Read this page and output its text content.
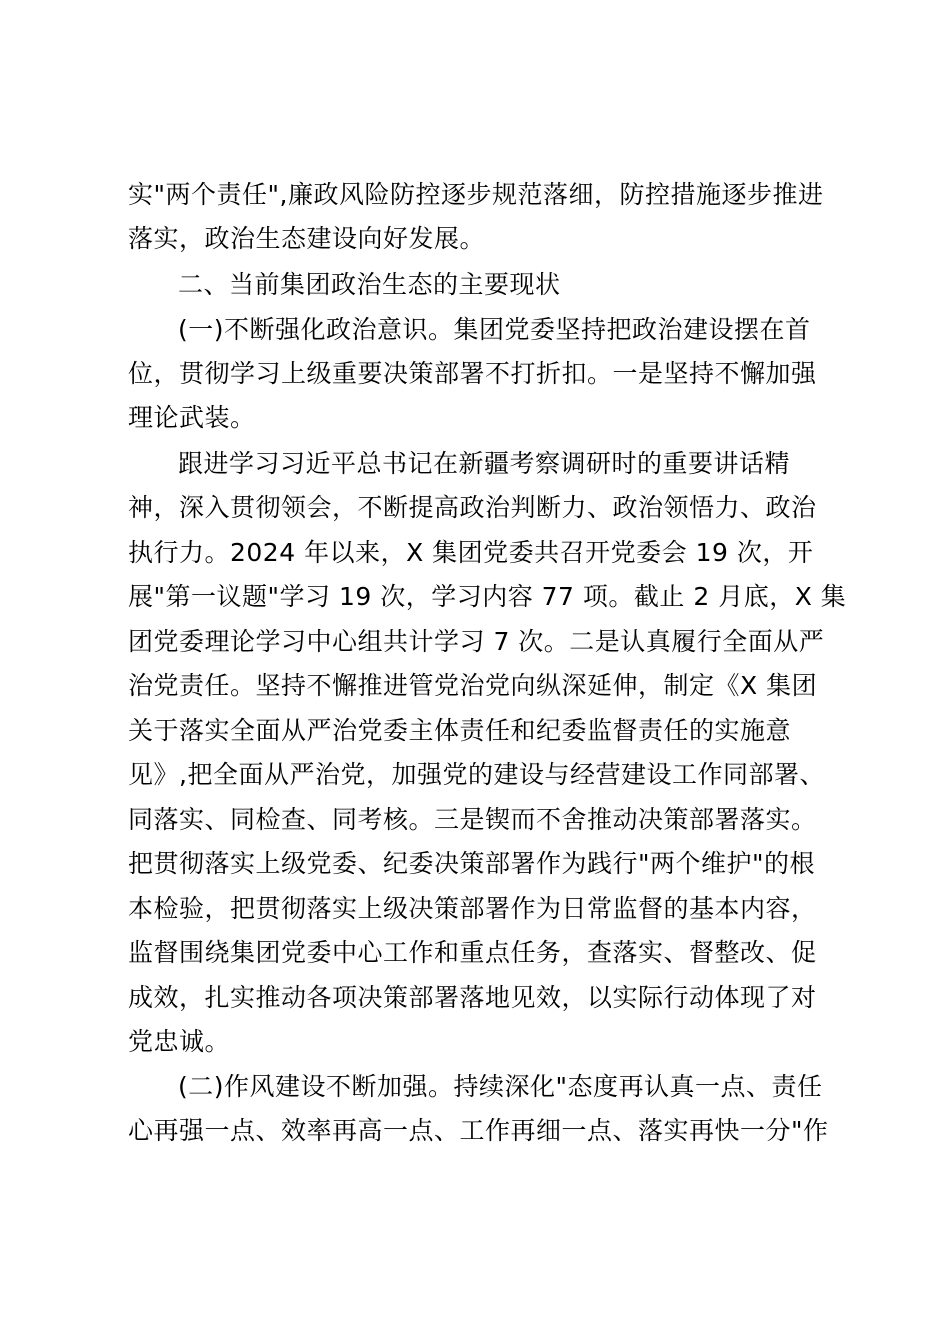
实"两个责任",廉政风险防控逐步规范落细，防控措施逐步推进

落实，政治生态建设向好发展。

二、当前集团政治生态的主要现状

(一)不断强化政治意识。集团党委坚持把政治建设摆在首

位，贯彻学习上级重要决策部署不打折扣。一是坚持不懈加强

理论武装。

跟进学习习近平总书记在新疆考察调研时的重要讲话精

神，深入贯彻领会，不断提高政治判断力、政治领悟力、政治

执行力。2024 年以来，X 集团党委共召开党委会 19 次，开

展"第一议题"学习 19 次，学习内容 77 项。截止 2 月底，X 集

团党委理论学习中心组共计学习 7 次。二是认真履行全面从严

治党责任。坚持不懈推进管党治党向纵深延伸，制定《X 集团

关于落实全面从严治党委主体责任和纪委监督责任的实施意

见》,把全面从严治党，加强党的建设与经营建设工作同部署、

同落实、同检查、同考核。三是锲而不舍推动决策部署落实。

把贯彻落实上级党委、纪委决策部署作为践行"两个维护"的根

本检验，把贯彻落实上级决策部署作为日常监督的基本内容，

监督围绕集团党委中心工作和重点任务，查落实、督整改、促

成效，扎实推动各项决策部署落地见效，以实际行动体现了对

党忠诚。

(二)作风建设不断加强。持续深化"态度再认真一点、责任

心再强一点、效率再高一点、工作再细一点、落实再快一分"作
